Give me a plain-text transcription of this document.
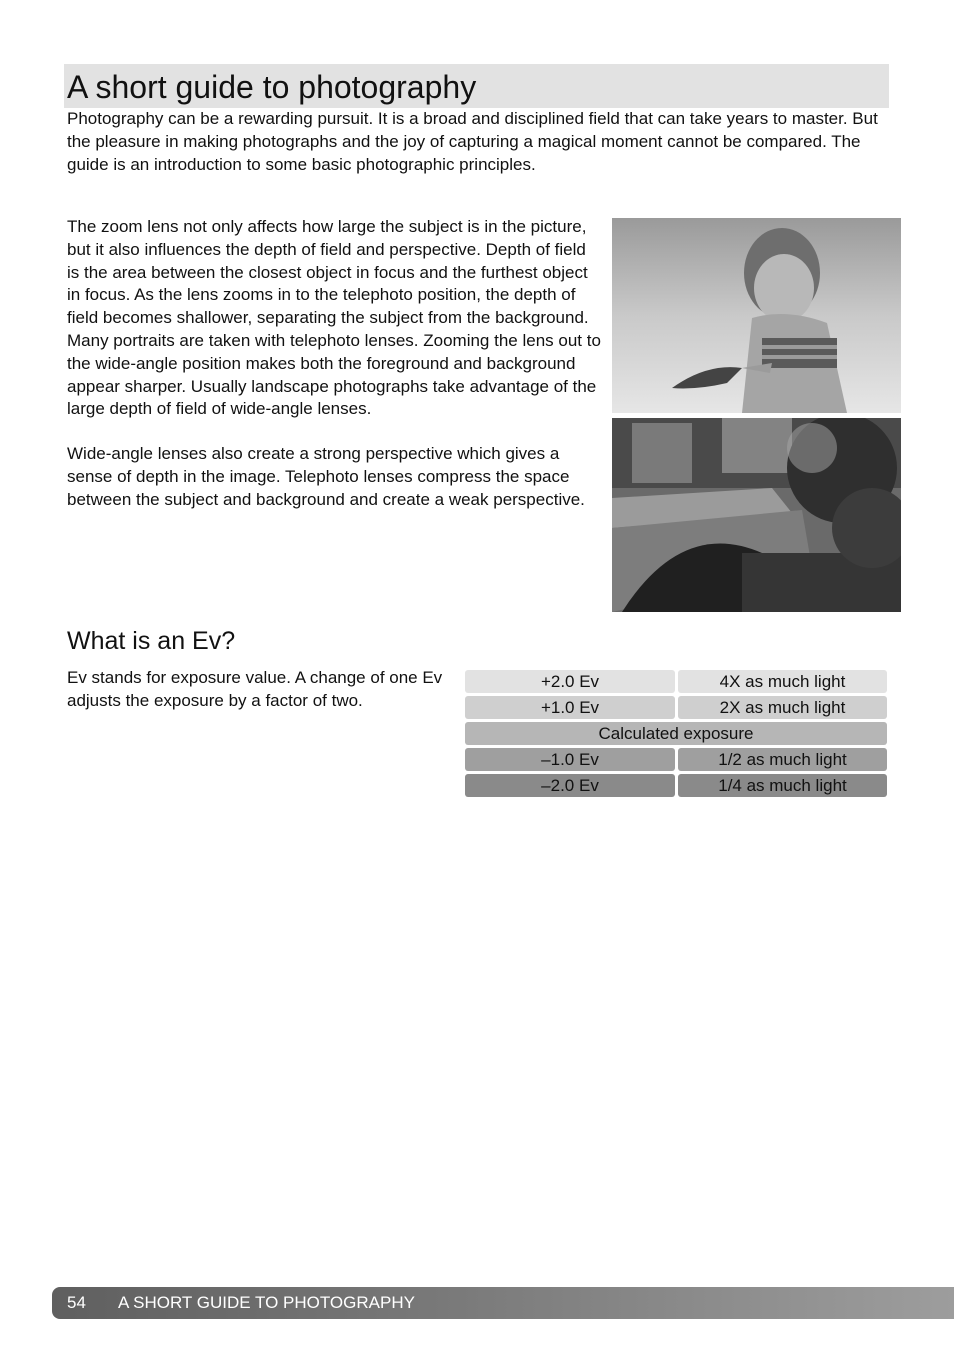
A short guide to photography

Photography can be a rewarding pursuit. It is a broad and disciplined field that can take years to master. But the pleasure in making photographs and the joy of capturing a magical moment cannot be compared. The guide is an introduction to some basic photographic principles.

The zoom lens not only affects how large the subject is in the picture, but it also influences the depth of field and perspective. Depth of field is the area between the closest object in focus and the furthest object in focus. As the lens zooms in to the telephoto position, the depth of field becomes shallower, separating the subject from the background. Many portraits are taken with telephoto lenses. Zooming the lens out to the wide-angle position makes both the foreground and background appear sharper. Usually landscape photographs take advantage of the large depth of field of wide-angle lenses.

Wide-angle lenses also create a strong perspective which gives a sense of depth in the image. Telephoto lenses compress the space between the subject and background and create a weak perspective.

What is an Ev?

Ev stands for exposure value. A change of one Ev adjusts the exposure by a factor of two.

+2.0 Ev	4X as much light
+1.0 Ev	2X as much light
Calculated exposure
–1.0 Ev	1/2 as much light
–2.0 Ev	1/4 as much light
54 A SHORT GUIDE TO PHOTOGRAPHY
